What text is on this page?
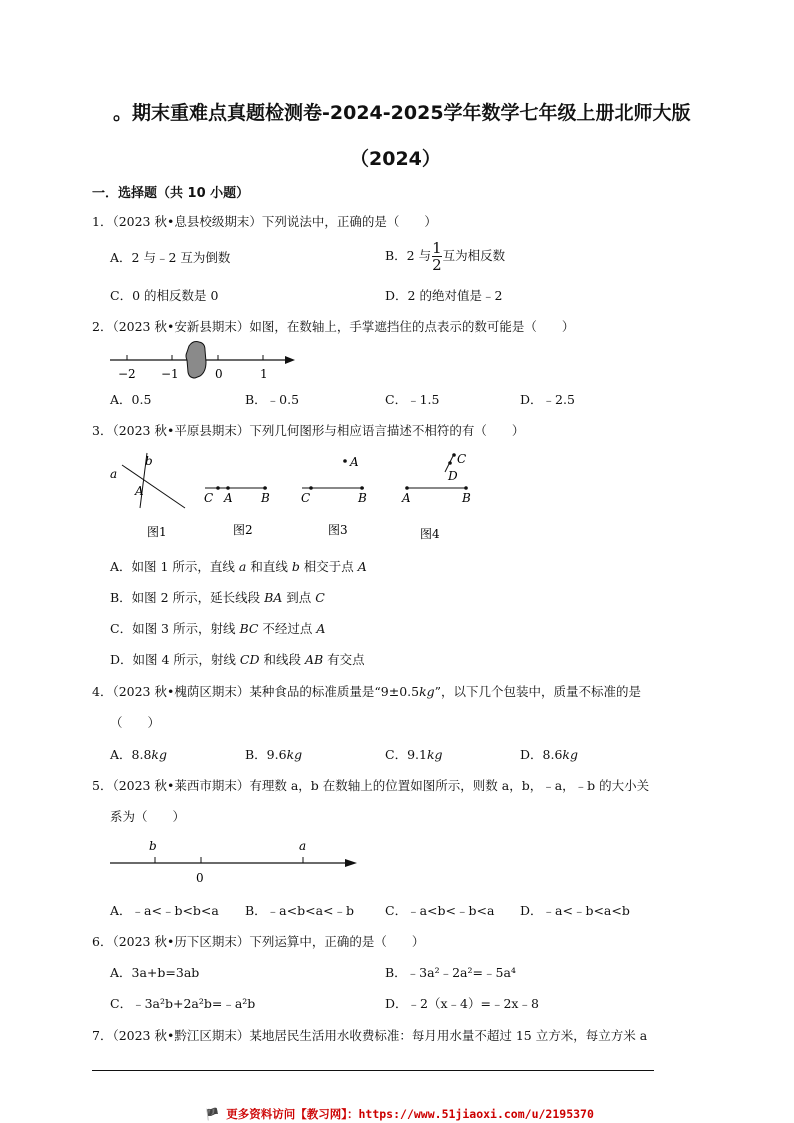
。期末重难点真题检测卷-2024-2025学年数学七年级上册北师大版
（2024）
一．选择题（共 10 小题）
1．（2023 秋•息县校级期末）下列说法中，正确的是（　　）
A．2 与﹣2 互为倒数	B．2 与 $\frac{1}{2}$ 互为相反数
C．0 的相反数是 0	D．2 的绝对值是﹣2
2．（2023 秋•安新县期末）如图，在数轴上，手掌遮挡住的点表示的数可能是（　　）
−2 −1	0	1
A．0.5	B．﹣0.5	C．﹣1.5	D．﹣2.5
3．（2023 秋•平原县期末）下列几何图形与相应语言描述不相符的有（　　）
a
b
A
图1
C A B
图2
A
C	B
图3
C
D
A	B
图4
A．如图 1 所示，直线 a 和直线 b 相交于点 A
B．如图 2 所示，延长线段 BA 到点 C
C．如图 3 所示，射线 BC 不经过点 A
D．如图 4 所示，射线 CD 和线段 AB 有交点
4．（2023 秋•槐荫区期末）某种食品的标准质量是“9±0.5kg”，以下几个包装中，质量不标准的是
（　　）
A．8.8kg	B．9.6kg	C．9.1kg	D．8.6kg
5．（2023 秋•莱西市期末）有理数 a，b 在数轴上的位置如图所示，则数 a，b，﹣a，﹣b 的大小关
系为（　　）
b
0
a
A．﹣a<﹣b<b<a B．﹣a<b<a<﹣b C．﹣a<b<﹣b<a D．﹣a<﹣b<a<b
6．（2023 秋•历下区期末）下列运算中，正确的是（　　）
A．3a+b=3ab	B．﹣3a²﹣2a²=﹣5a⁴
C．﹣3a²b+2a²b=﹣a²b	D．﹣2（x﹣4）=﹣2x﹣8
7．（2023 秋•黔江区期末）某地居民生活用水收费标准：每月用水量不超过 15 立方米，每立方米 a
🏴 更多资料访问【教习网】：https://www.51jiaoxi.com/u/2195370
